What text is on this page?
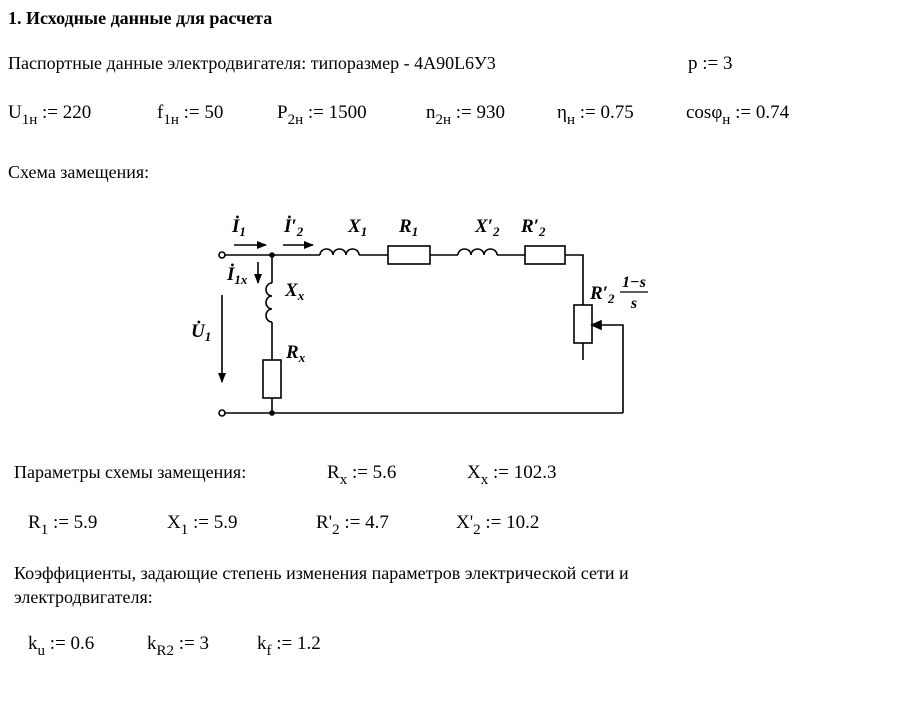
1. Исходные данные для расчета
Паспортные данные электродвигателя: типоразмер - 4А90L6У3	p := 3
$U_{1н}$ := 220	$f_{1н}$ := 50	$P_{2н}$ := 1500	$n_{2н}$ := 930	$\eta_н$ := 0.75	cosφ$_н$ := 0.74
Схема замещения:
$İ_1$ $İ'_2$ $X_1$ $R_1$	$X'_2$ $R'_2$
$İ_{1x}$
$X_x$
$U̇_1$
$R_x$
$R'_2$
1−s
s
Параметры схемы замещения:	$R_x$ := 5.6	$X_x$ := 102.3
$R_1$ := 5.9	$X_1$ := 5.9	$R'_2$ := 4.7	$X'_2$ := 10.2
Коэффициенты, задающие степень изменения параметров электрической сети и
электродвигателя:
$k_u$ := 0.6	$k_{R2}$ := 3	$k_f$ := 1.2
